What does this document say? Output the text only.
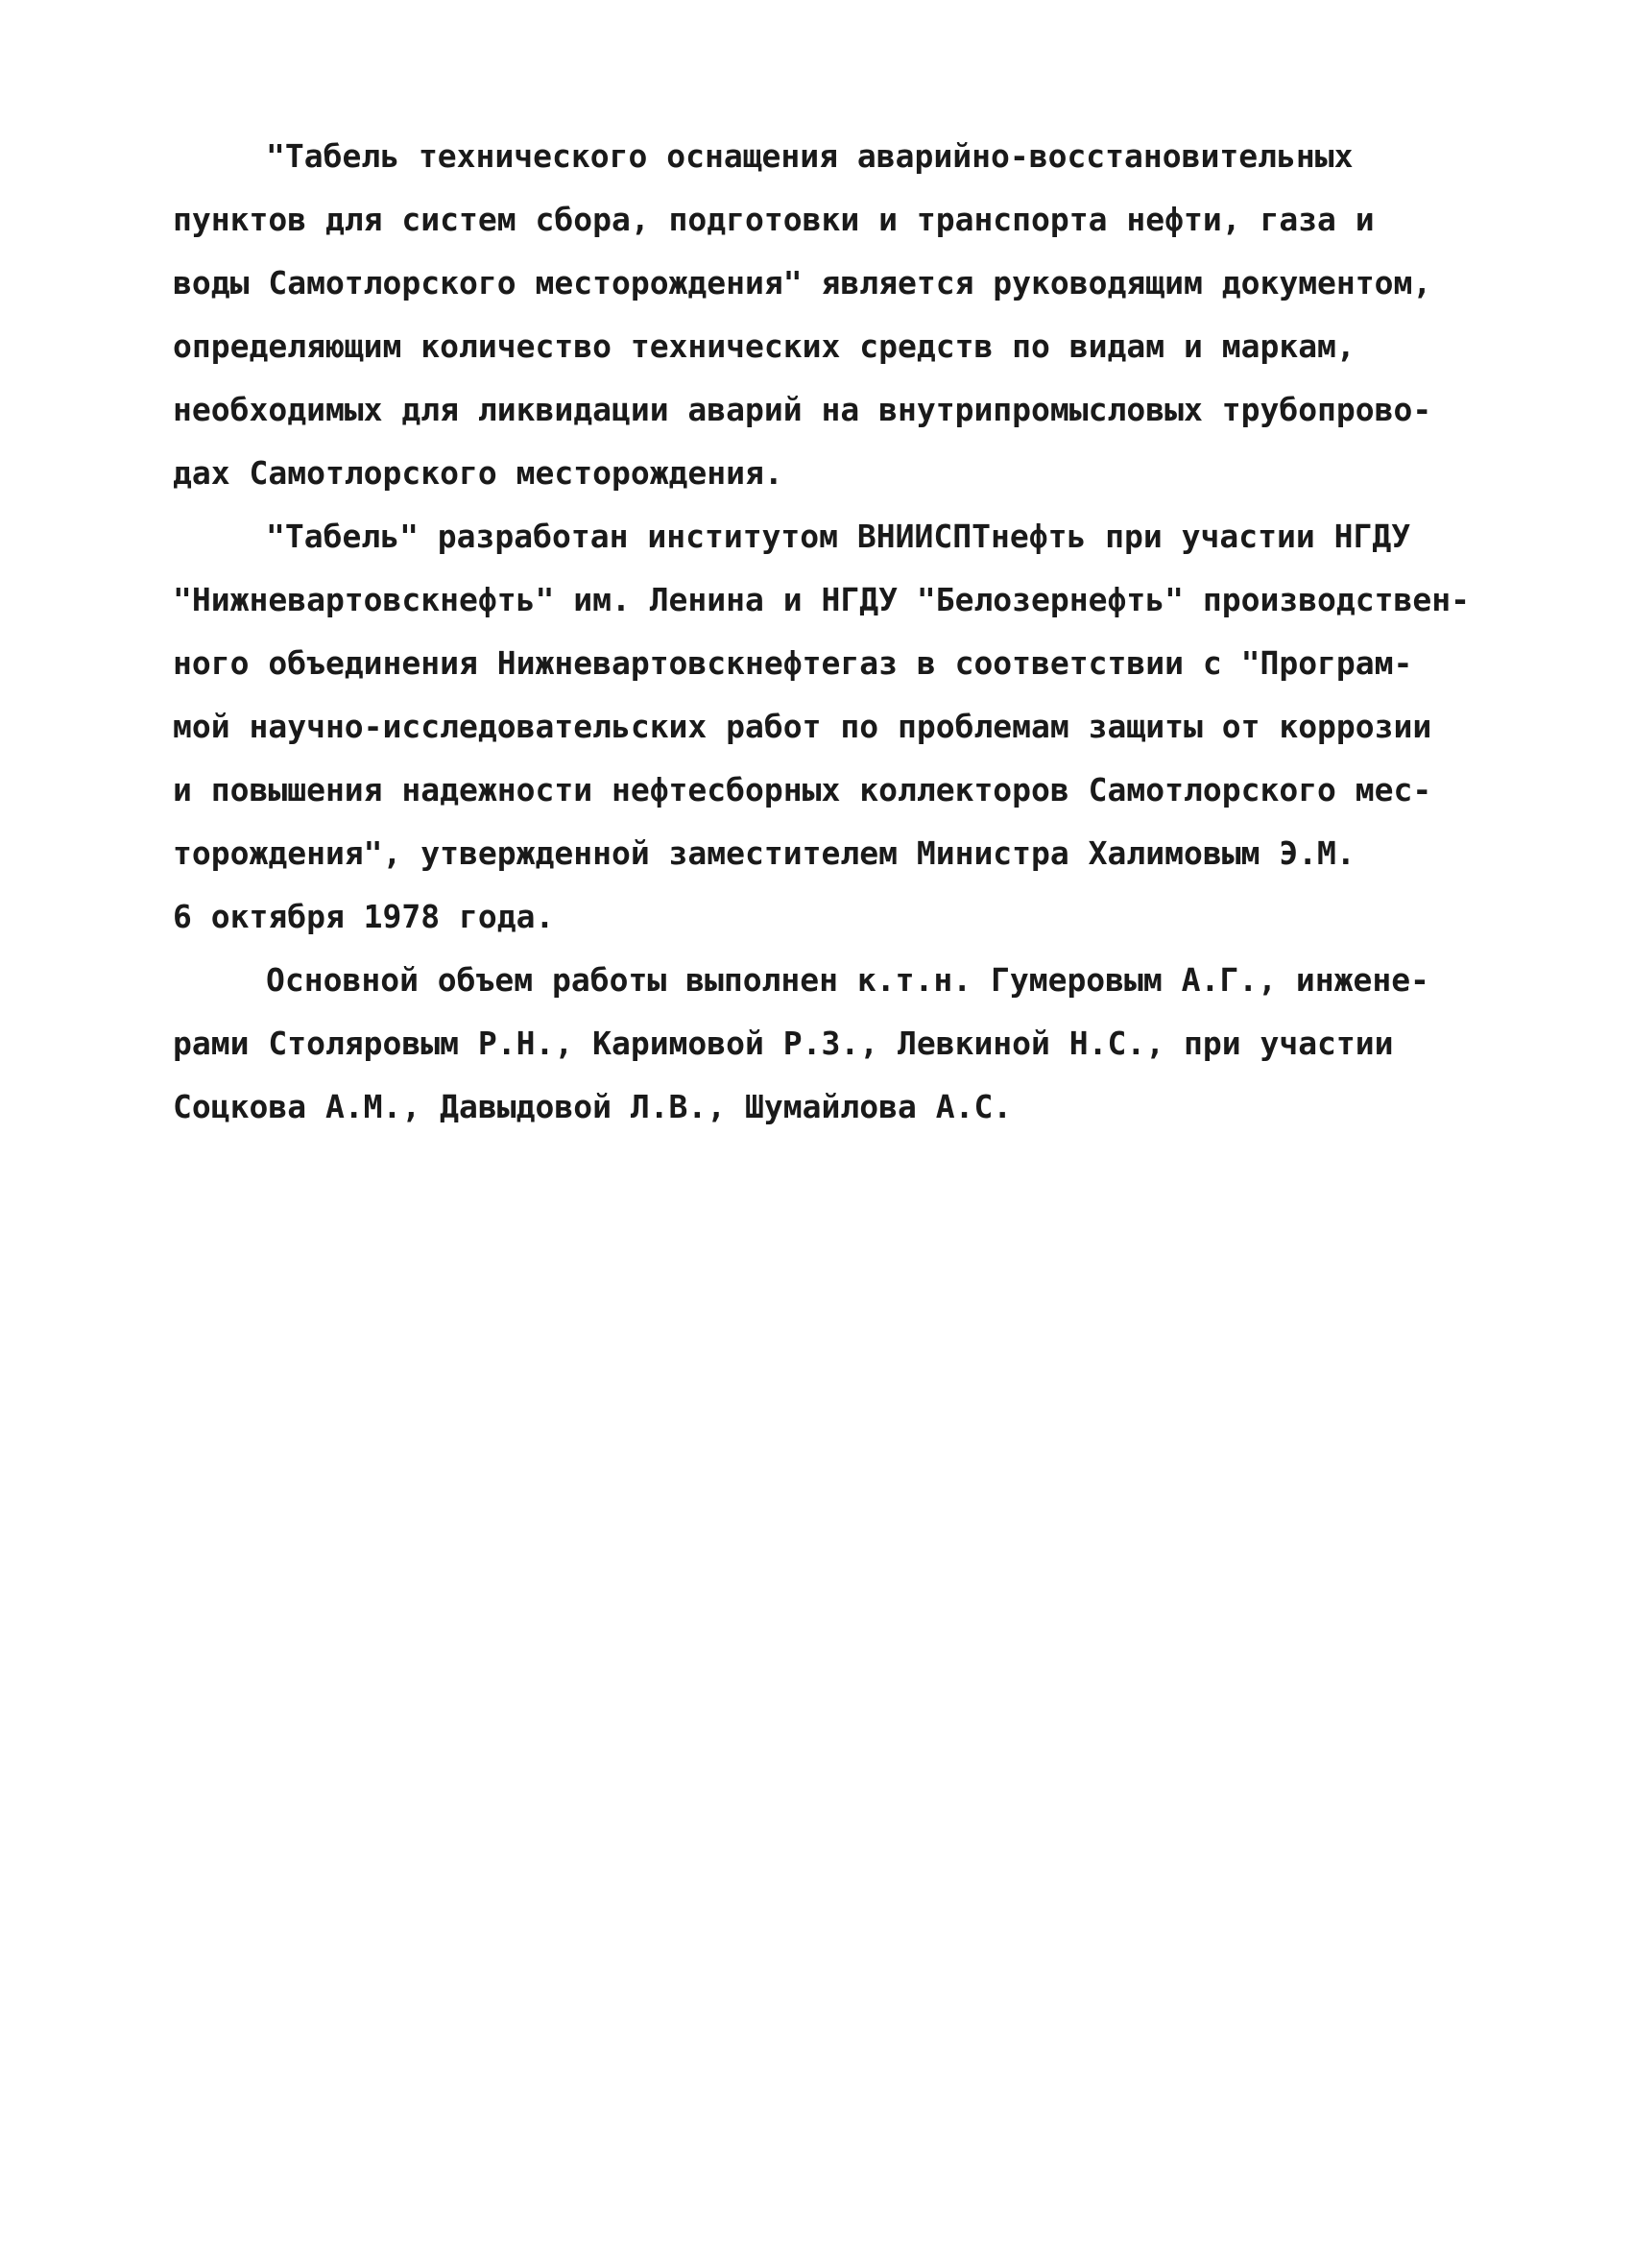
"Табель технического оснащения аварийно-восстановительных
пунктов для систем сбора, подготовки и транспорта нефти, газа и
воды Самотлорского месторождения" является руководящим документом,
определяющим количество технических средств по видам и маркам,
необходимых для ликвидации аварий на внутрипромысловых трубопрово-
дах Самотлорского месторождения.
"Табель" разработан институтом ВНИИСПТнефть при участии НГДУ
"Нижневартовскнефть" им. Ленина и НГДУ "Белозернефть" производствен-
ного объединения Нижневартовскнефтегаз в соответствии с "Програм-
мой научно-исследовательских работ по проблемам защиты от коррозии
и повышения надежности нефтесборных коллекторов Самотлорского мес-
торождения", утвержденной заместителем Министра Халимовым Э.М.
6 октября 1978 года.
Основной объем работы выполнен к.т.н. Гумеровым А.Г., инжене-
рами Столяровым Р.Н., Каримовой Р.З., Левкиной Н.С., при участии
Соцкова А.М., Давыдовой Л.В., Шумайлова А.С.
